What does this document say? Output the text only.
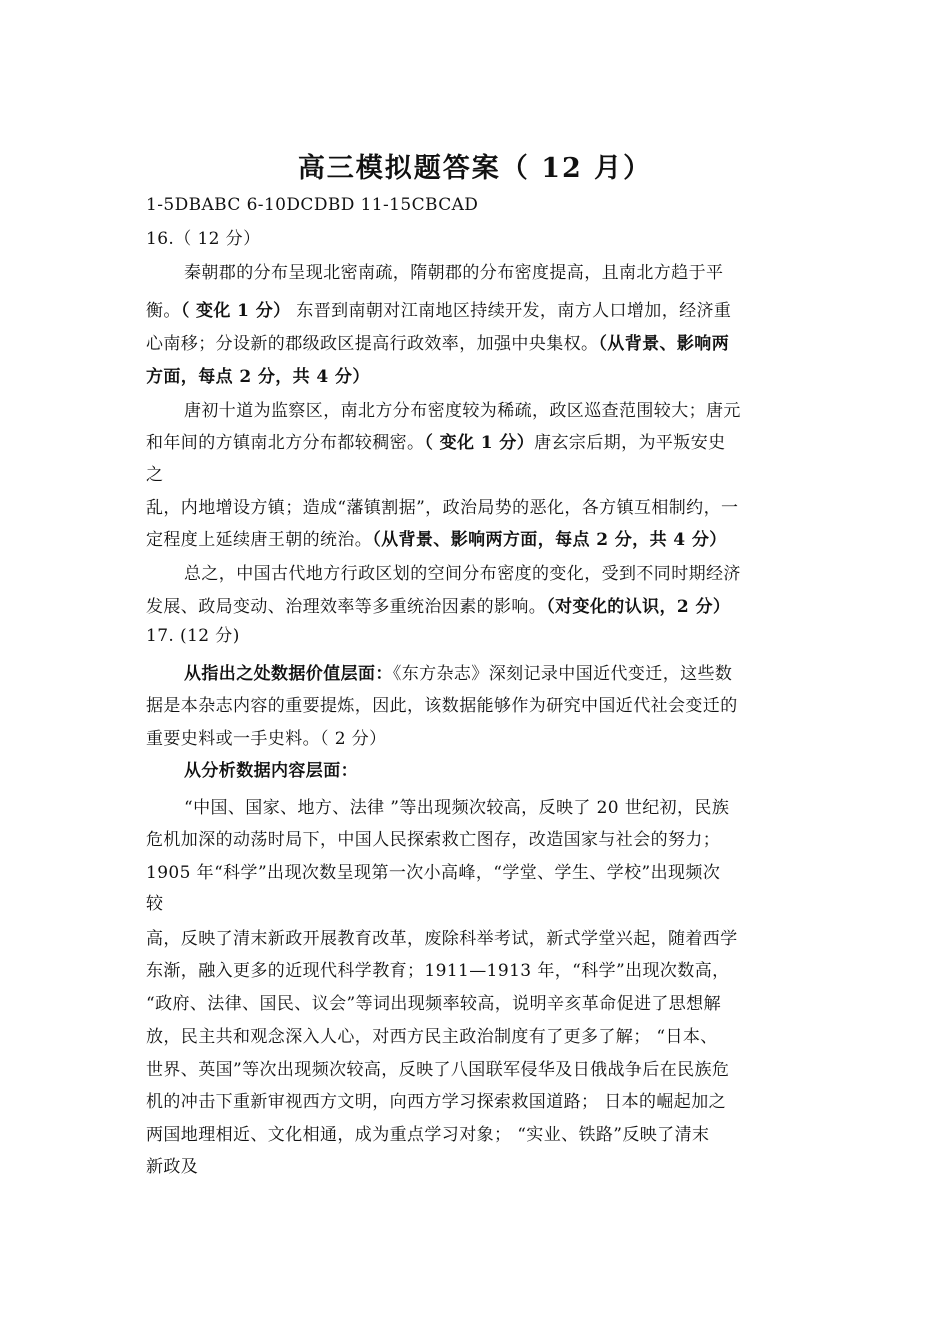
高三模拟题答案（ 12 月）
1-5DBABC 6-10DCDBD 11-15CBCAD
16.（ 12 分）
秦朝郡的分布呈现北密南疏，隋朝郡的分布密度提高，且南北方趋于平
衡。（ 变化 1 分） 东晋到南朝对江南地区持续开发，南方人口增加，经济重
心南移；分设新的郡级政区提高行政效率，加强中央集权。（从背景、影响两
方面，每点 2 分，共 4 分）
唐初十道为监察区，南北方分布密度较为稀疏，政区巡查范围较大；唐元
和年间的方镇南北方分布都较稠密。（ 变化 1 分）唐玄宗后期，为平叛安史
之
乱，内地增设方镇；造成“藩镇割据”，政治局势的恶化，各方镇互相制约，一
定程度上延续唐王朝的统治。（从背景、影响两方面，每点 2 分，共 4 分）
总之，中国古代地方行政区划的空间分布密度的变化，受到不同时期经济
发展、政局变动、治理效率等多重统治因素的影响。（对变化的认识，2 分）
17. (12 分)
从指出之处数据价值层面：《东方杂志》深刻记录中国近代变迁，这些数
据是本杂志内容的重要提炼，因此，该数据能够作为研究中国近代社会变迁的
重要史料或一手史料。（ 2 分）
从分析数据内容层面：
“中国、国家、地方、法律 ”等出现频次较高，反映了 20 世纪初，民族
危机加深的动荡时局下，中国人民探索救亡图存，改造国家与社会的努力；
1905 年“科学”出现次数呈现第一次小高峰，“学堂、学生、学校”出现频次
较
高，反映了清末新政开展教育改革，废除科举考试，新式学堂兴起，随着西学
东渐，融入更多的近现代科学教育；1911—1913 年，“科学”出现次数高，
“政府、法律、国民、议会”等词出现频率较高，说明辛亥革命促进了思想解
放，民主共和观念深入人心，对西方民主政治制度有了更多了解； “日本、
世界、英国”等次出现频次较高，反映了八国联军侵华及日俄战争后在民族危
机的冲击下重新审视西方文明，向西方学习探索救国道路； 日本的崛起加之
两国地理相近、文化相通，成为重点学习对象； “实业、铁路”反映了清末
新政及
